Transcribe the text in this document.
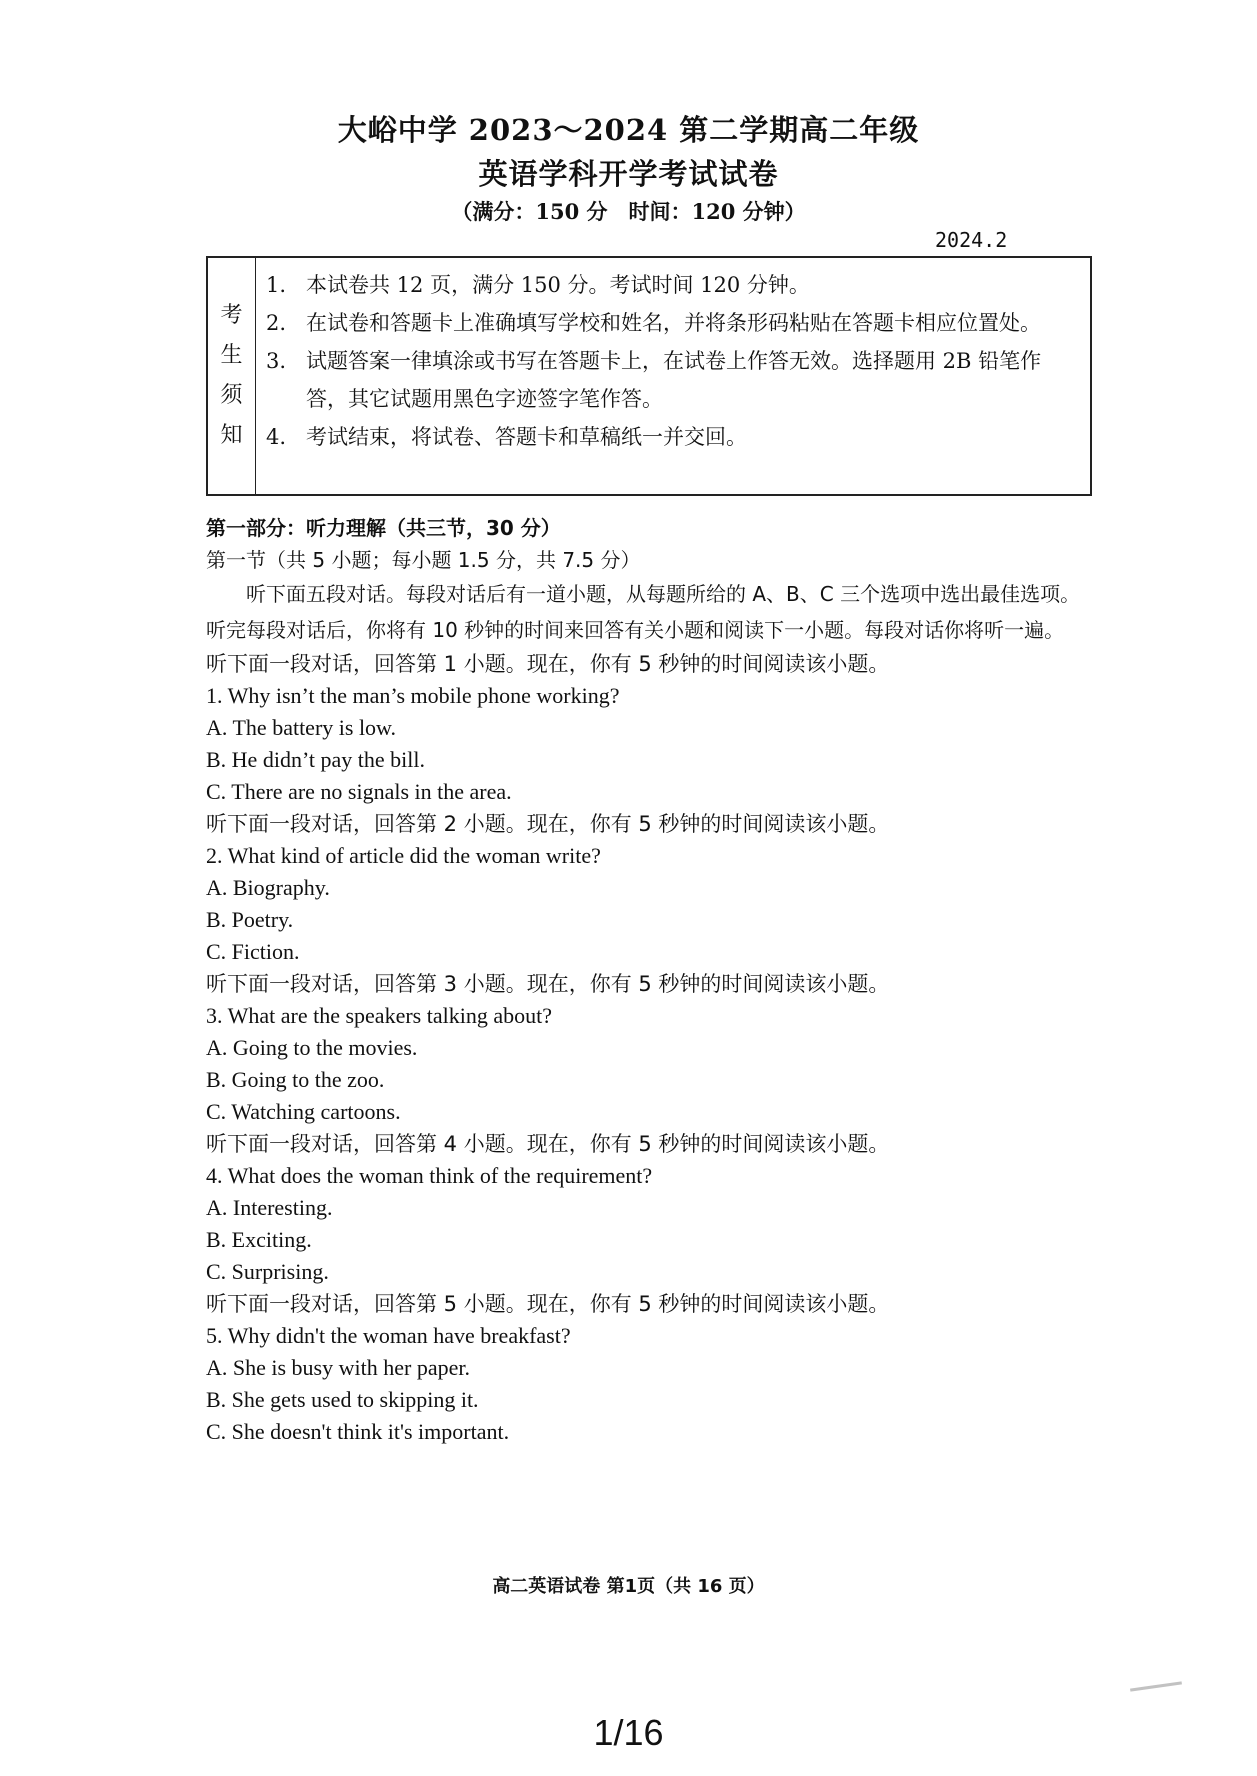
大峪中学 2023～2024 第二学期高二年级
英语学科开学考试试卷
（满分：150 分　时间：120 分钟）
2024.2
考
生
须
知
1. 本试卷共 12 页，满分 150 分。考试时间 120 分钟。
2. 在试卷和答题卡上准确填写学校和姓名，并将条形码粘贴在答题卡相应位置处。
3. 试题答案一律填涂或书写在答题卡上，在试卷上作答无效。选择题用 2B 铅笔作答，其它试题用黑色字迹签字笔作答。
4. 考试结束，将试卷、答题卡和草稿纸一并交回。

第一部分：听力理解（共三节，30 分）

第一节（共 5 小题；每小题 1.5 分，共 7.5 分）

听下面五段对话。每段对话后有一道小题，从每题所给的 A、B、C 三个选项中选出最佳选项。听完每段对话后，你将有 10 秒钟的时间来回答有关小题和阅读下一小题。每段对话你将听一遍。

听下面一段对话，回答第 1 小题。现在，你有 5 秒钟的时间阅读该小题。

1. Why isn’t the man’s mobile phone working?

A. The battery is low.

B. He didn’t pay the bill.

C. There are no signals in the area.

听下面一段对话，回答第 2 小题。现在，你有 5 秒钟的时间阅读该小题。

2. What kind of article did the woman write?

A. Biography.

B. Poetry.

C. Fiction.

听下面一段对话，回答第 3 小题。现在，你有 5 秒钟的时间阅读该小题。

3. What are the speakers talking about?

A. Going to the movies.

B. Going to the zoo.

C. Watching cartoons.

听下面一段对话，回答第 4 小题。现在，你有 5 秒钟的时间阅读该小题。

4. What does the woman think of the requirement?

A. Interesting.

B. Exciting.

C. Surprising.

听下面一段对话，回答第 5 小题。现在，你有 5 秒钟的时间阅读该小题。

5. Why didn't the woman have breakfast?

A. She is busy with her paper.

B. She gets used to skipping it.

C. She doesn't think it's important.

高二英语试卷 第1页（共 16 页）
1/16
